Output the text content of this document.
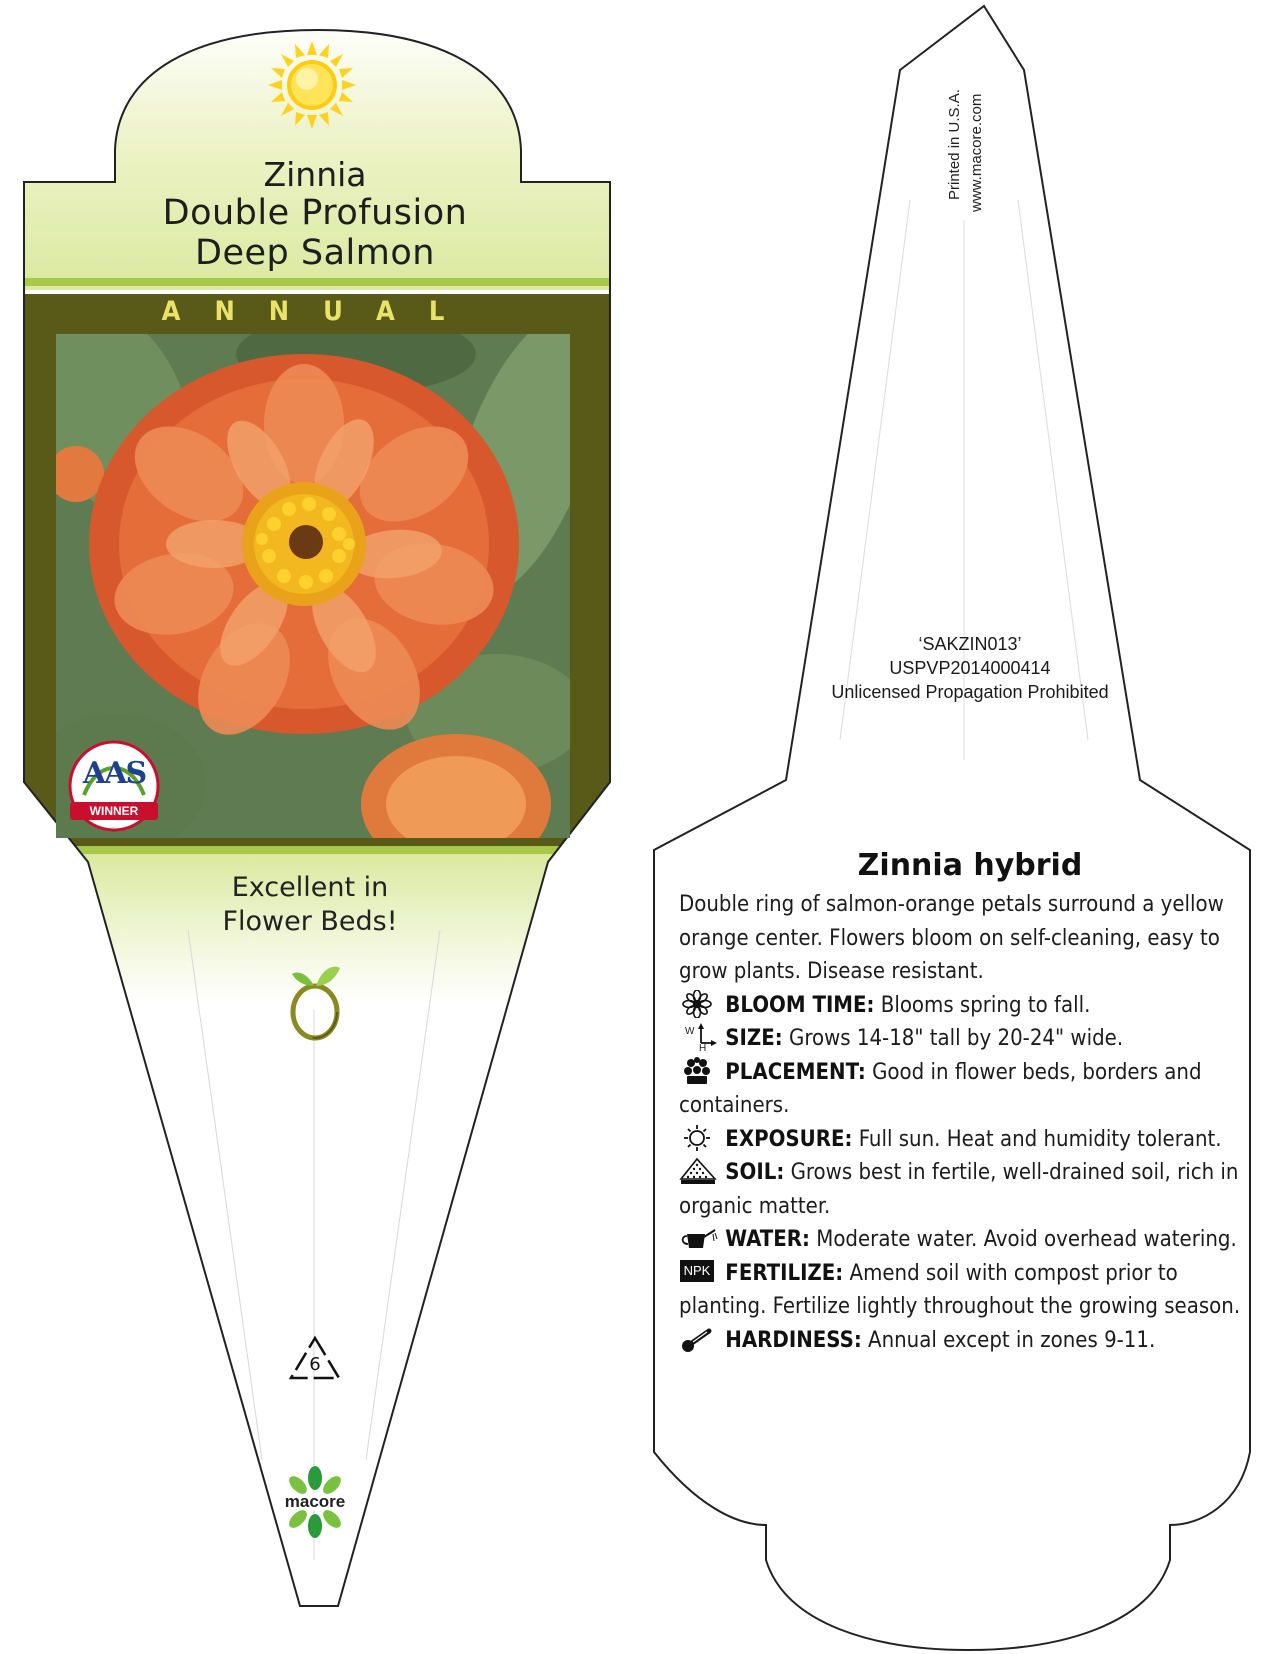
Zinnia
Double Profusion
Deep Salmon
ANNUAL
AAS
WINNER
Excellent in
Flower Beds!
6
macore
Printed in U.S.A. www.macore.com
‘SAKZIN013’
USPVP2014000414
Unlicensed Propagation Prohibited
Zinnia hybrid

Double ring of salmon-orange petals surround a yellow orange center. Flowers bloom on self-cleaning, easy to grow plants. Disease resistant.

BLOOM TIME: Blooms spring to fall.

W
H SIZE: Grows 14-18" tall by 20-24" wide.

PLACEMENT: Good in flower beds, borders and containers.

EXPOSURE: Full sun. Heat and humidity tolerant.

SOIL: Grows best in fertile, well-drained soil, rich in organic matter.

WATER: Moderate water. Avoid overhead watering.

NPK FERTILIZE: Amend soil with compost prior to planting. Fertilize lightly throughout the growing season.

HARDINESS: Annual except in zones 9-11.
